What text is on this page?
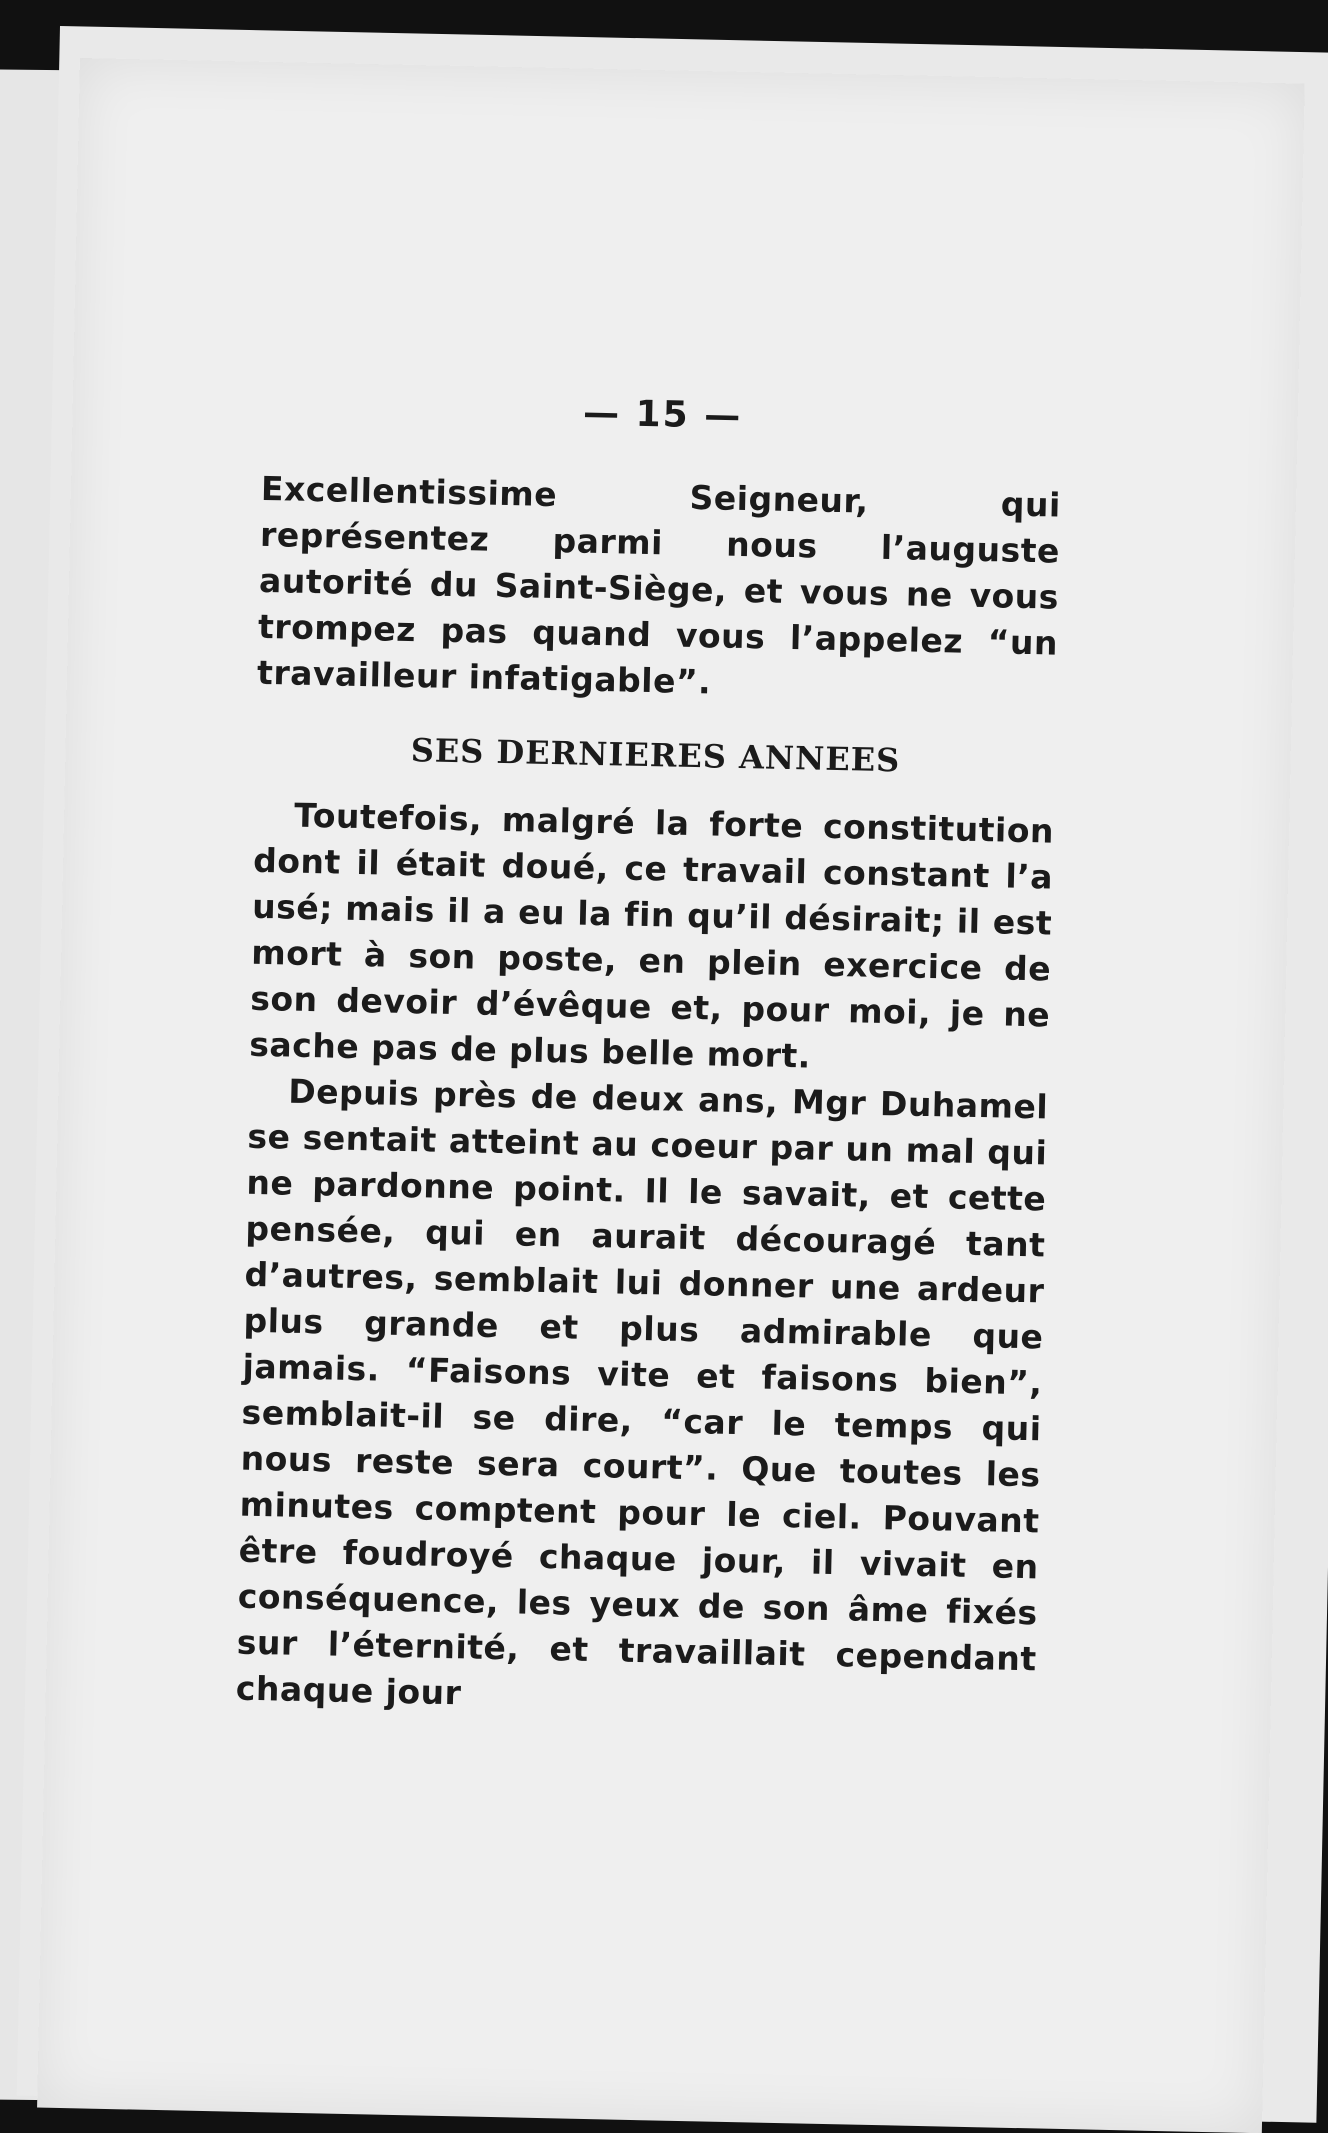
— 15 —

Excellentissime Seigneur, qui représentez parmi nous l’auguste autorité du Saint-Siège, et vous ne vous trompez pas quand vous l’appelez “un travailleur infatigable”.

SES DERNIERES ANNEES

Toutefois, malgré la forte constitution dont il était doué, ce travail constant l’a usé; mais il a eu la fin qu’il désirait; il est mort à son poste, en plein exercice de son devoir d’évêque et, pour moi, je ne sache pas de plus belle mort.

Depuis près de deux ans, Mgr Duhamel se sentait atteint au coeur par un mal qui ne pardonne point. Il le savait, et cette pensée, qui en aurait découragé tant d’autres, semblait lui donner une ardeur plus grande et plus admirable que jamais. “Faisons vite et faisons bien”, semblait-il se dire, “car le temps qui nous reste sera court”. Que toutes les minutes comptent pour le ciel. Pouvant être foudroyé chaque jour, il vivait en conséquence, les yeux de son âme fixés sur l’éternité, et travaillait cependant chaque jour
